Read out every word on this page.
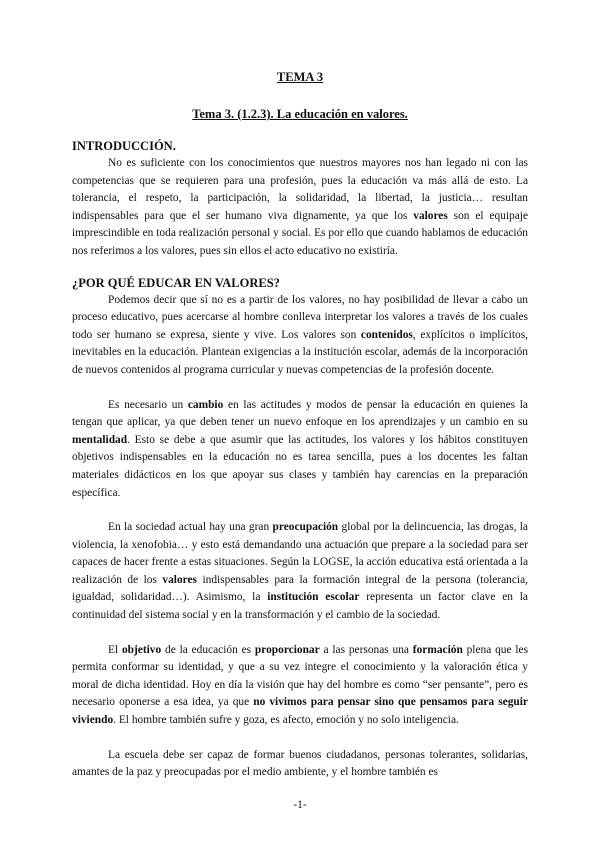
TEMA 3
Tema 3. (1.2.3). La educación en valores.
INTRODUCCIÓN.

No es suficiente con los conocimientos que nuestros mayores nos han legado ni con las competencias que se requieren para una profesión, pues la educación va más allá de esto. La tolerancia, el respeto, la participación, la solidaridad, la libertad, la justicia… resultan indispensables para que el ser humano viva dignamente, ya que los valores son el equipaje imprescindible en toda realización personal y social. Es por ello que cuando hablamos de educación nos referimos a los valores, pues sin ellos el acto educativo no existiría.

¿POR QUÉ EDUCAR EN VALORES?

Podemos decir que sí no es a partir de los valores, no hay posibilidad de llevar a cabo un proceso educativo, pues acercarse al hombre conlleva interpretar los valores a través de los cuales todo ser humano se expresa, siente y vive. Los valores son contenidos, explícitos o implícitos, inevitables en la educación. Plantean exigencias a la institución escolar, además de la incorporación de nuevos contenidos al programa curricular y nuevas competencias de la profesión docente.

Es necesario un cambio en las actitudes y modos de pensar la educación en quienes la tengan que aplicar, ya que deben tener un nuevo enfoque en los aprendizajes y un cambio en su mentalidad. Esto se debe a que asumir que las actitudes, los valores y los hábitos constituyen objetivos indispensables en la educación no es tarea sencilla, pues a los docentes les faltan materiales didácticos en los que apoyar sus clases y también hay carencias en la preparación específica.

En la sociedad actual hay una gran preocupación global por la delincuencia, las drogas, la violencia, la xenofobia… y esto está demandando una actuación que prepare a la sociedad para ser capaces de hacer frente a estas situaciones. Según la LOGSE, la acción educativa está orientada a la realización de los valores indispensables para la formación integral de la persona (tolerancia, igualdad, solidaridad…). Asimismo, la institución escolar representa un factor clave en la continuidad del sistema social y en la transformación y el cambio de la sociedad.

El objetivo de la educación es proporcionar a las personas una formación plena que les permita conformar su identidad, y que a su vez integre el conocimiento y la valoración ética y moral de dicha identidad. Hoy en día la visión que hay del hombre es como “ser pensante”, pero es necesario oponerse a esa idea, ya que no vivimos para pensar sino que pensamos para seguir viviendo. El hombre también sufre y goza, es afecto, emoción y no solo inteligencia.

La escuela debe ser capaz de formar buenos ciudadanos, personas tolerantes, solidarias, amantes de la paz y preocupadas por el medio ambiente, y el hombre también es

-1-
